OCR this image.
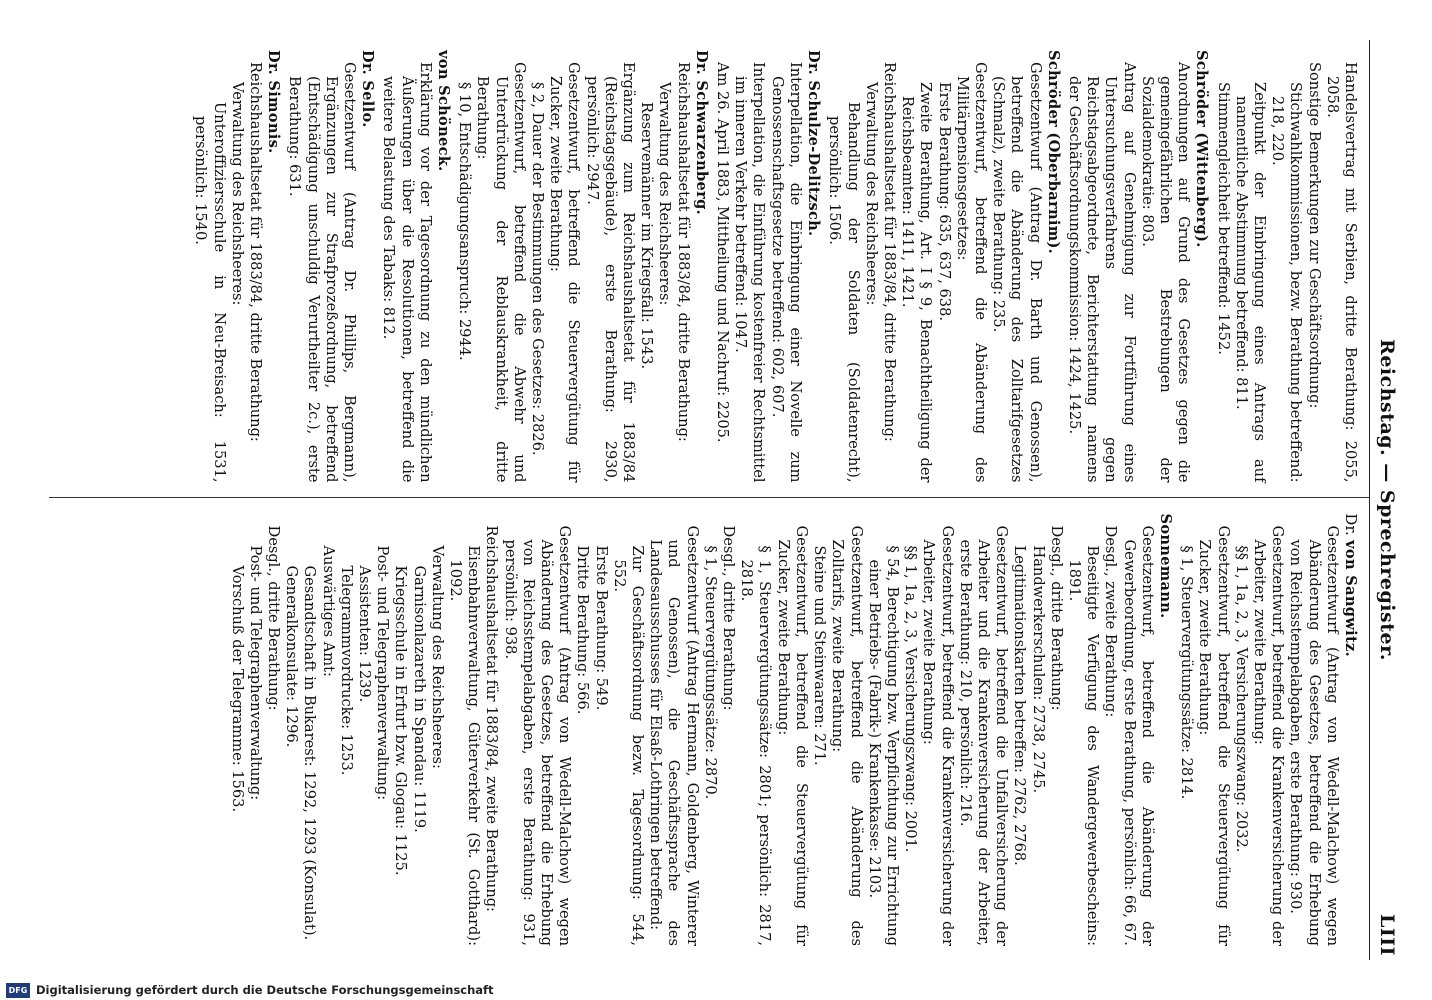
Reichstag. — Sprechregister.
LIII
Handelsvertrag mit Serbien, dritte Berathung: 2055, 2058.
Sonstige Bemerkungen zur Geschäftsordnung:
Stichwahlkommissionen, bezw. Berathung betreffend: 218, 220.
Zeitpunkt der Einbringung eines Antrags auf namentliche Abstimmung betreffend: 811.
Stimmengleichheit betreffend: 1452.
Schröder (Wittenberg).
Anordnungen auf Grund des Gesetzes gegen die gemeingefährlichen Bestrebungen der Sozialdemokratie: 803.
Antrag auf Genehmigung zur Fortführung eines Untersuchungsverfahrens gegen Reichstagsabgeordnete, Berichterstattung namens der Geschäftsordnungskommission: 1424, 1425.
Schröder (Oberbarnim).
Gesetzentwurf (Antrag Dr. Barth und Genossen), betreffend die Abänderung des Zolltarifgesetzes (Schmalz), zweite Berathung: 235.
Gesetzentwurf, betreffend die Abänderung des Militärpensionsgesetzes:
Erste Berathung: 635, 637, 638.
Zweite Berathung, Art. I § 9, Benachtheiligung der Reichsbeamten: 1411, 1421.
Reichshaushaltsetat für 1883/84, dritte Berathung:
Verwaltung des Reichsheeres:
Behandlung der Soldaten (Soldatenrecht), persönlich: 1506.
Dr. Schulze-Delitzsch.
Interpellation, die Einbringung einer Novelle zum Genossenschaftsgesetze betreffend: 602, 607.
Interpellation, die Einführung kostenfreier Rechtsmittel im inneren Verkehr betreffend: 1047.
Am 26. April 1883, Mittheilung und Nachruf: 2205.
Dr. Schwarzenberg.
Reichshaushaltsetat für 1883/84, dritte Berathung:
Verwaltung des Reichsheeres:
Reservemänner im Kriegsfall: 1543.
Ergänzung zum Reichshaushaltsetat für 1883/84 (Reichstagsgebäude), erste Berathung: 2930, persönlich: 2947.
Gesetzentwurf, betreffend die Steuervergütung für Zucker, zweite Berathung:
§ 2, Dauer der Bestimmungen des Gesetzes: 2826.
Gesetzentwurf, betreffend die Abwehr und Unterdrückung der Reblauskrankheit, dritte Berathung:
§ 10, Entschädigungsanspruch: 2944.
von Schöneck.
Erklärung vor der Tagesordnung zu den mündlichen Äußerungen über die Resolutionen, betreffend die weitere Belastung des Tabaks: 812.
Dr. Sello.
Gesetzentwurf (Antrag Dr. Phillips, Bergmann), Ergänzungen zur Strafprozeßordnung, betreffend (Entschädigung unschuldig Verurtheilter 2c.), erste Berathung: 631.
Dr. Simonis.
Reichshaushaltsetat für 1883/84, dritte Berathung:
Verwaltung des Reichsheeres:
Unteroffiziersschule in Neu-Breisach: 1531, persönlich: 1540.
Dr.von Sangwitz.
Gesetzentwurf (Antrag von Wedell-Malchow) wegen Abänderung des Gesetzes, betreffend die Erhebung von Reichsstempelabgaben, erste Berathung: 930.
Gesetzentwurf, betreffend die Krankenversicherung der Arbeiter, zweite Berathung:
§§ 1, 1a, 2, 3, Versicherungszwang: 2032.
Gesetzentwurf, betreffend die Steuervergütung für Zucker, zweite Berathung:
§ 1, Steuervergütungssätze: 2814.
Sonnemann.
Gesetzentwurf, betreffend die Abänderung der Gewerbeordnung, erste Berathung, persönlich: 66, 67.
Desgl., zweite Berathung:
Beseitigte Verfügung des Wandergewerbescheins: 1891.
Desgl., dritte Berathung:
Handwerkerschulen: 2738, 2745.
Legitimationskarten betreffen: 2762, 2768.
Gesetzentwurf, betreffend die Unfallversicherung der Arbeiter und die Krankenversicherung der Arbeiter, erste Berathung: 210, persönlich: 216.
Gesetzentwurf, betreffend die Krankenversicherung der Arbeiter, zweite Berathung:
§§ 1, 1a, 2, 3, Versicherungszwang: 2001.
§ 54, Berechtigung bzw. Verpflichtung zur Errichtung einer Betriebs- (Fabrik-) Krankenkasse: 2103.
Gesetzentwurf, betreffend die Abänderung des Zolltarifs, zweite Berathung:
Steine und Steinwaaren: 271.
Gesetzentwurf, betreffend die Steuervergütung für Zucker, zweite Berathung:
§ 1, Steuervergütungssätze: 2801; persönlich: 2817, 2818.
Desgl., dritte Berathung:
§ 1, Steuervergütungssätze: 2870.
Gesetzentwurf (Antrag Hermann, Goldenberg, Winterer und Genossen), die Geschäftssprache des Landesausschusses für Elsaß-Lothringen betreffend:
Zur Geschäftsordnung bezw. Tagesordnung: 544, 552.
Erste Berathung: 549.
Dritte Berathung: 566.
Gesetzentwurf (Antrag von Wedell-Malchow) wegen Abänderung des Gesetzes, betreffend die Erhebung von Reichsstempelabgaben, erste Berathung: 931, persönlich: 938.
Reichshaushaltsetat für 1883/84, zweite Berathung:
Eisenbahnverwaltung, Güterverkehr (St. Gotthard): 1092.
Verwaltung des Reichsheeres:
Garnisonlazareth in Spandau: 1119.
Kriegsschule in Erfurt bzw. Glogau: 1125.
Post- und Telegraphenverwaltung:
Assistenten: 1239.
Telegrammvordrucke: 1253.
Auswärtiges Amt:
Gesandtschaft in Bukarest: 1292, 1293 (Konsulat).
Generalkonsulate: 1296.
Desgl., dritte Berathung:
Post- und Telegraphenverwaltung:
Vorschuß der Telegramme: 1563.
DFG Digitalisierung gefördert durch die Deutsche Forschungsgemeinschaft
